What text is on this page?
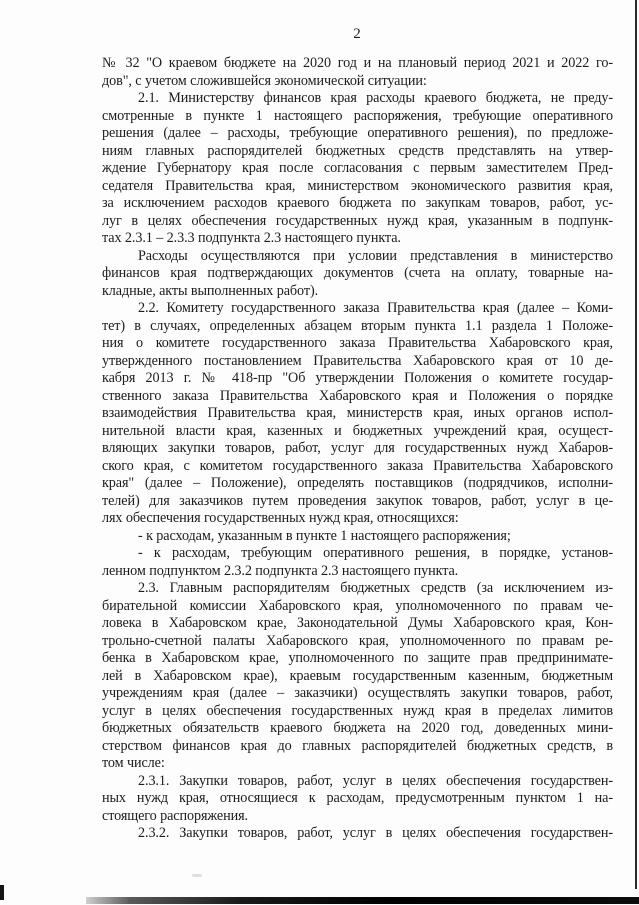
2
№ 32 "О краевом бюджете на 2020 год и на плановый период 2021 и 2022 го-
дов", с учетом сложившейся экономической ситуации:
2.1. Министерству финансов края расходы краевого бюджета, не преду-
смотренные в пункте 1 настоящего распоряжения, требующие оперативного
решения (далее – расходы, требующие оперативного решения), по предложе-
ниям главных распорядителей бюджетных средств представлять на утвер-
ждение Губернатору края после согласования с первым заместителем Пред-
седателя Правительства края, министерством экономического развития края,
за исключением расходов краевого бюджета по закупкам товаров, работ, ус-
луг в целях обеспечения государственных нужд края, указанным в подпунк-
тах 2.3.1 – 2.3.3 подпункта 2.3 настоящего пункта.
Расходы осуществляются при условии представления в министерство
финансов края подтверждающих документов (счета на оплату, товарные на-
кладные, акты выполненных работ).
2.2. Комитету государственного заказа Правительства края (далее – Коми-
тет) в случаях, определенных абзацем вторым пункта 1.1 раздела 1 Положе-
ния о комитете государственного заказа Правительства Хабаровского края,
утвержденного постановлением Правительства Хабаровского края от 10 де-
кабря 2013 г. № 418-пр "Об утверждении Положения о комитете государ-
ственного заказа Правительства Хабаровского края и Положения о порядке
взаимодействия Правительства края, министерств края, иных органов испол-
нительной власти края, казенных и бюджетных учреждений края, осущест-
вляющих закупки товаров, работ, услуг для государственных нужд Хабаров-
ского края, с комитетом государственного заказа Правительства Хабаровского
края" (далее – Положение), определять поставщиков (подрядчиков, исполни-
телей) для заказчиков путем проведения закупок товаров, работ, услуг в це-
лях обеспечения государственных нужд края, относящихся:
- к расходам, указанным в пункте 1 настоящего распоряжения;
- к расходам, требующим оперативного решения, в порядке, установ-
ленном подпунктом 2.3.2 подпункта 2.3 настоящего пункта.
2.3. Главным распорядителям бюджетных средств (за исключением из-
бирательной комиссии Хабаровского края, уполномоченного по правам че-
ловека в Хабаровском крае, Законодательной Думы Хабаровского края, Кон-
трольно-счетной палаты Хабаровского края, уполномоченного по правам ре-
бенка в Хабаровском крае, уполномоченного по защите прав предпринимате-
лей в Хабаровском крае), краевым государственным казенным, бюджетным
учреждениям края (далее – заказчики) осуществлять закупки товаров, работ,
услуг в целях обеспечения государственных нужд края в пределах лимитов
бюджетных обязательств краевого бюджета на 2020 год, доведенных мини-
стерством финансов края до главных распорядителей бюджетных средств, в
том числе:
2.3.1. Закупки товаров, работ, услуг в целях обеспечения государствен-
ных нужд края, относящиеся к расходам, предусмотренным пунктом 1 на-
стоящего распоряжения.
2.3.2. Закупки товаров, работ, услуг в целях обеспечения государствен-
